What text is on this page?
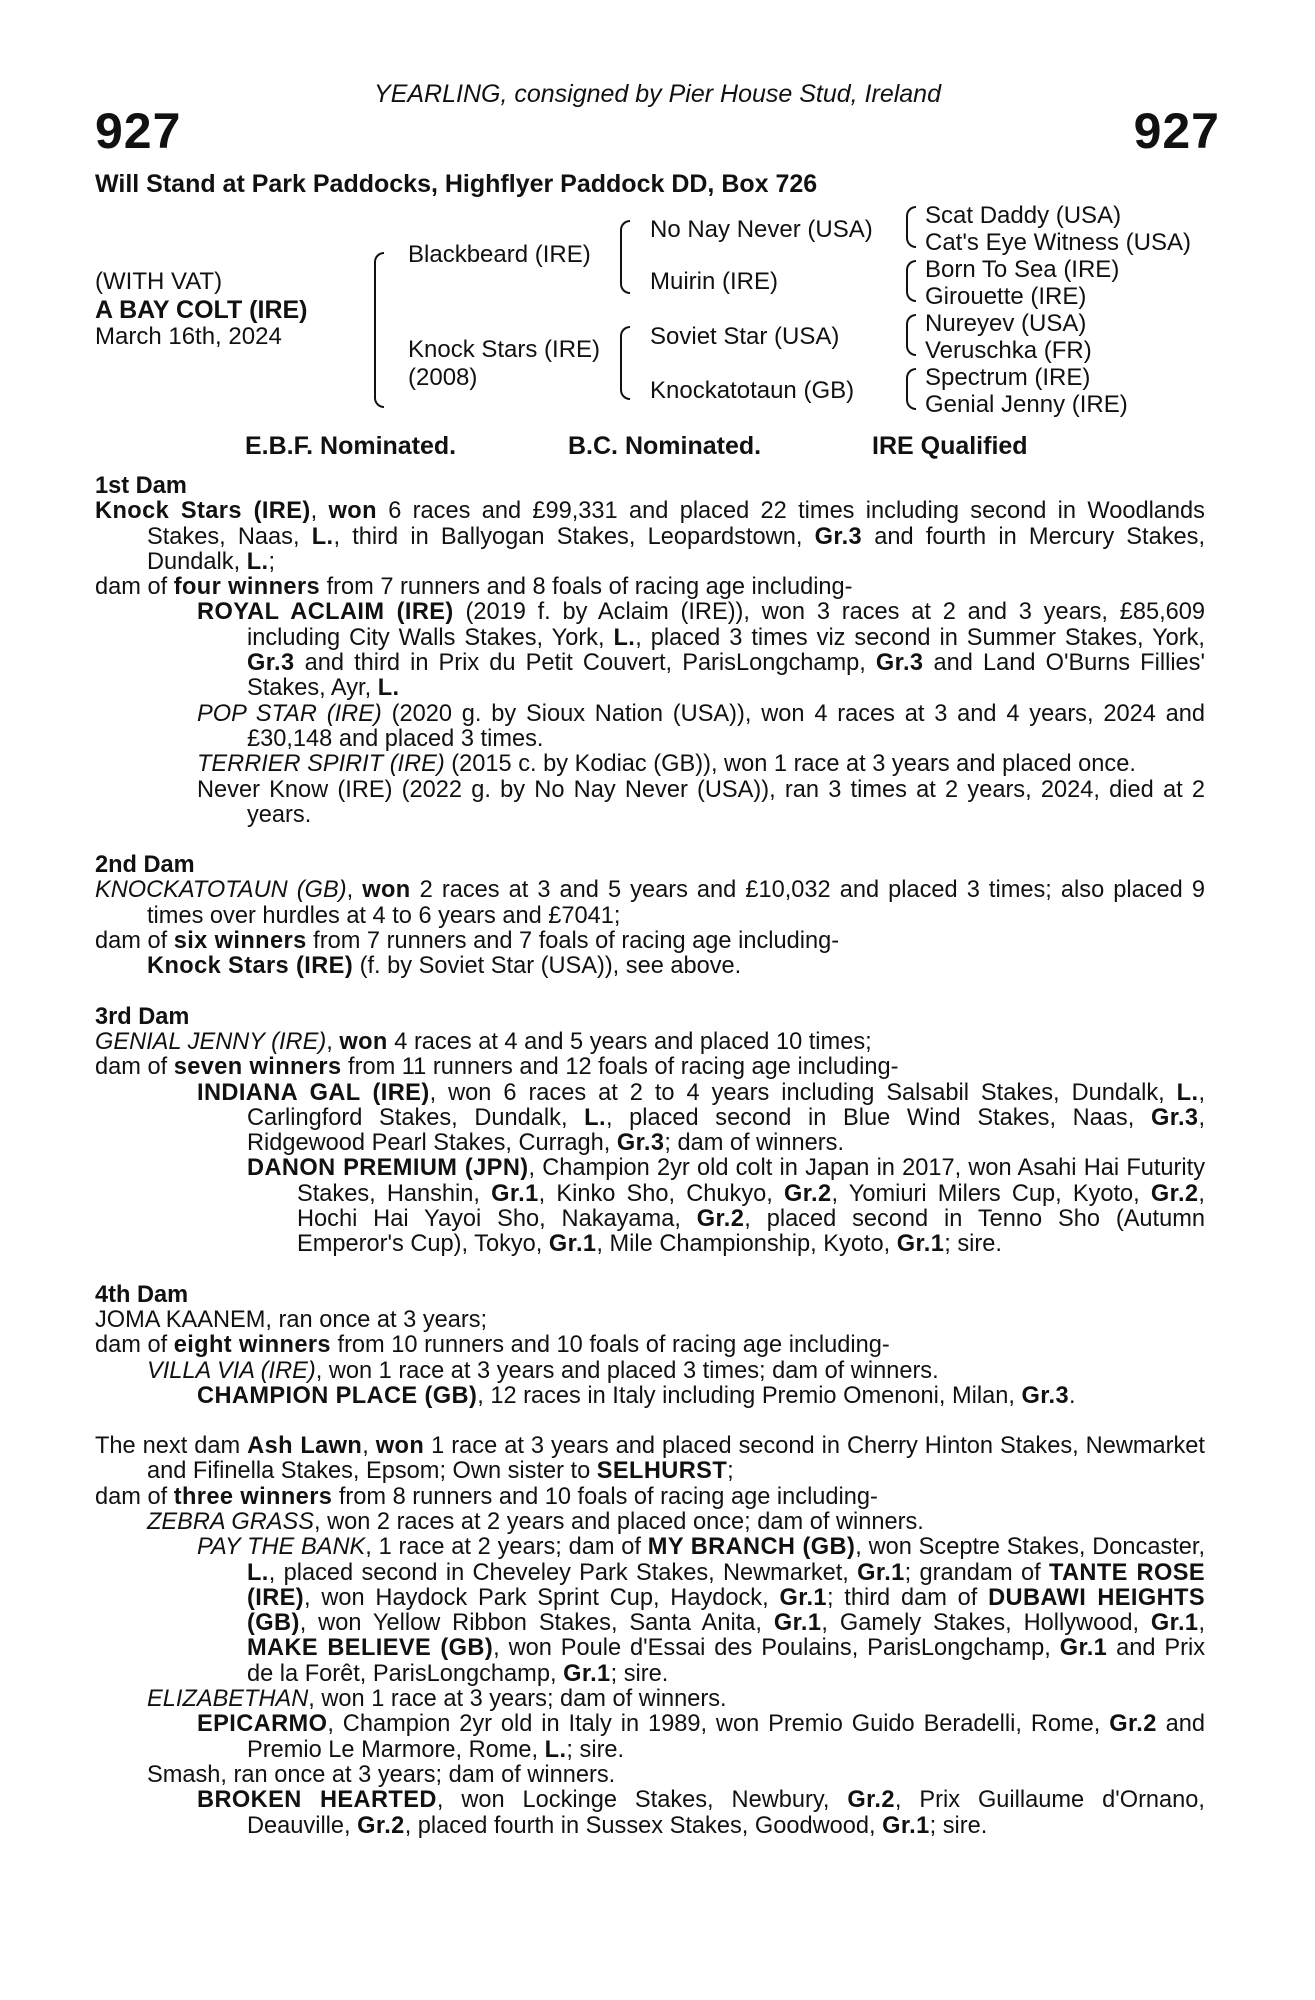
YEARLING, consigned by Pier House Stud, Ireland
927	927
Will Stand at Park Paddocks, Highflyer Paddock DD, Box 726
(WITH VAT)
A BAY COLT (IRE)
March 16th, 2024
Blackbeard (IRE)
Knock Stars (IRE)
(2008)
No Nay Never (USA)
Muirin (IRE)
Soviet Star (USA)
Knockatotaun (GB)
Scat Daddy (USA)
Cat's Eye Witness (USA)
Born To Sea (IRE)
Girouette (IRE)
Nureyev (USA)
Veruschka (FR)
Spectrum (IRE)
Genial Jenny (IRE)
E.B.F. Nominated.	B.C. Nominated.	IRE Qualified
1st Dam

Knock Stars (IRE), won 6 races and £99,331 and placed 22 times including second in Woodlands Stakes, Naas, L., third in Ballyogan Stakes, Leopardstown, Gr.3 and fourth in Mercury Stakes, Dundalk, L.;

dam of four winners from 7 runners and 8 foals of racing age including-

ROYAL ACLAIM (IRE) (2019 f. by Aclaim (IRE)), won 3 races at 2 and 3 years, £85,609 including City Walls Stakes, York, L., placed 3 times viz second in Summer Stakes, York, Gr.3 and third in Prix du Petit Couvert, ParisLongchamp, Gr.3 and Land O'Burns Fillies' Stakes, Ayr, L.

POP STAR (IRE) (2020 g. by Sioux Nation (USA)), won 4 races at 3 and 4 years, 2024 and £30,148 and placed 3 times.

TERRIER SPIRIT (IRE) (2015 c. by Kodiac (GB)), won 1 race at 3 years and placed once.

Never Know (IRE) (2022 g. by No Nay Never (USA)), ran 3 times at 2 years, 2024, died at 2 years.

2nd Dam

KNOCKATOTAUN (GB), won 2 races at 3 and 5 years and £10,032 and placed 3 times; also placed 9 times over hurdles at 4 to 6 years and £7041;

dam of six winners from 7 runners and 7 foals of racing age including-

Knock Stars (IRE) (f. by Soviet Star (USA)), see above.

3rd Dam

GENIAL JENNY (IRE), won 4 races at 4 and 5 years and placed 10 times;

dam of seven winners from 11 runners and 12 foals of racing age including-

INDIANA GAL (IRE), won 6 races at 2 to 4 years including Salsabil Stakes, Dundalk, L., Carlingford Stakes, Dundalk, L., placed second in Blue Wind Stakes, Naas, Gr.3, Ridgewood Pearl Stakes, Curragh, Gr.3; dam of winners.

DANON PREMIUM (JPN), Champion 2yr old colt in Japan in 2017, won Asahi Hai Futurity Stakes, Hanshin, Gr.1, Kinko Sho, Chukyo, Gr.2, Yomiuri Milers Cup, Kyoto, Gr.2, Hochi Hai Yayoi Sho, Nakayama, Gr.2, placed second in Tenno Sho (Autumn Emperor's Cup), Tokyo, Gr.1, Mile Championship, Kyoto, Gr.1; sire.

4th Dam

JOMA KAANEM, ran once at 3 years;

dam of eight winners from 10 runners and 10 foals of racing age including-

VILLA VIA (IRE), won 1 race at 3 years and placed 3 times; dam of winners.

CHAMPION PLACE (GB), 12 races in Italy including Premio Omenoni, Milan, Gr.3.

The next dam Ash Lawn, won 1 race at 3 years and placed second in Cherry Hinton Stakes, Newmarket and Fifinella Stakes, Epsom; Own sister to SELHURST;

dam of three winners from 8 runners and 10 foals of racing age including-

ZEBRA GRASS, won 2 races at 2 years and placed once; dam of winners.

PAY THE BANK, 1 race at 2 years; dam of MY BRANCH (GB), won Sceptre Stakes, Doncaster, L., placed second in Cheveley Park Stakes, Newmarket, Gr.1; grandam of TANTE ROSE (IRE), won Haydock Park Sprint Cup, Haydock, Gr.1; third dam of DUBAWI HEIGHTS (GB), won Yellow Ribbon Stakes, Santa Anita, Gr.1, Gamely Stakes, Hollywood, Gr.1, MAKE BELIEVE (GB), won Poule d'Essai des Poulains, ParisLongchamp, Gr.1 and Prix de la Forêt, ParisLongchamp, Gr.1; sire.

ELIZABETHAN, won 1 race at 3 years; dam of winners.

EPICARMO, Champion 2yr old in Italy in 1989, won Premio Guido Beradelli, Rome, Gr.2 and Premio Le Marmore, Rome, L.; sire.

Smash, ran once at 3 years; dam of winners.

BROKEN HEARTED, won Lockinge Stakes, Newbury, Gr.2, Prix Guillaume d'Ornano, Deauville, Gr.2, placed fourth in Sussex Stakes, Goodwood, Gr.1; sire.
